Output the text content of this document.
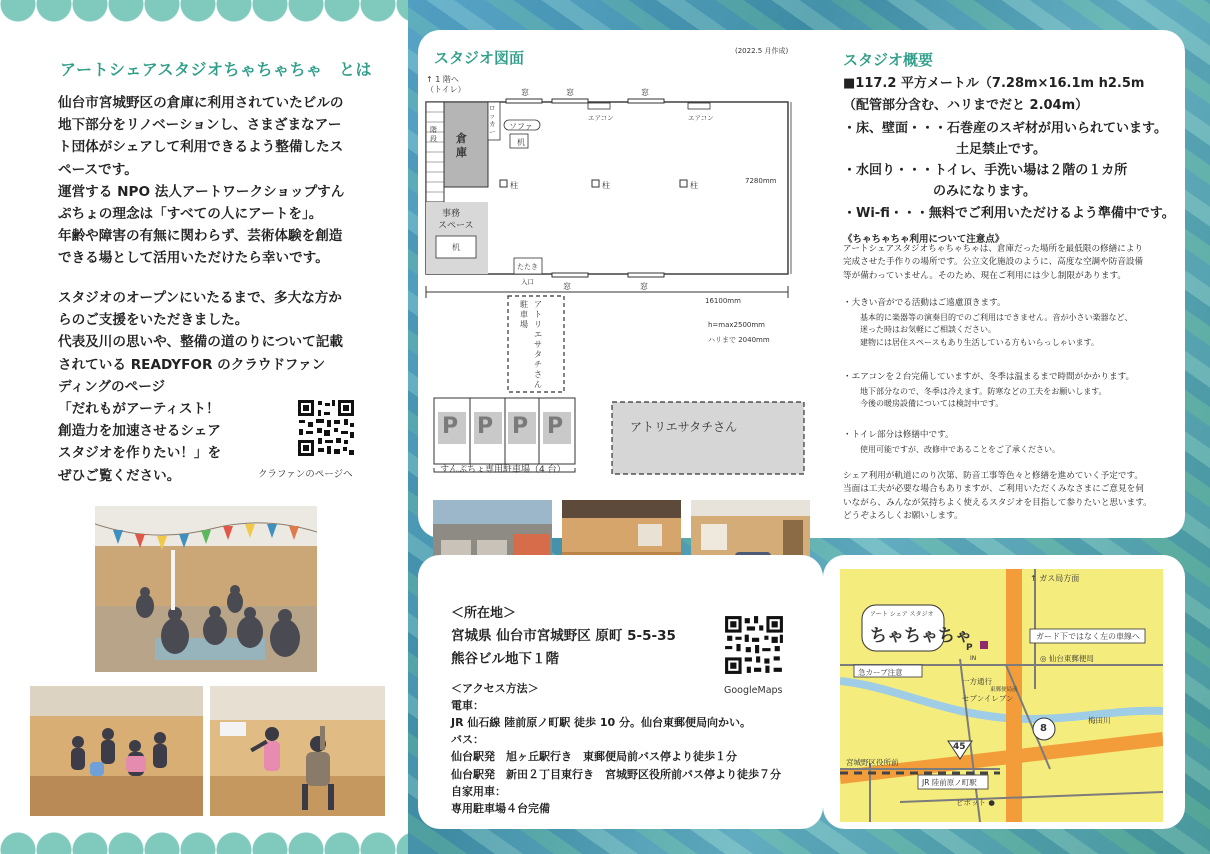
アートシェアスタジオちゃちゃちゃ　とは
仙台市宮城野区の倉庫に利用されていたビルの
地下部分をリノベーションし、さまざまなアー
ト団体がシェアして利用できるよう整備したス
ペースです。
運営する NPO 法人アートワークショップすん
ぷちょの理念は「すべての人にアートを」。
年齢や障害の有無に関わらず、芸術体験を創造
できる場として活用いただけたら幸いです。
スタジオのオープンにいたるまで、多大な方か
らのご支援をいただきました。
代表及川の思いや、整備の道のりについて記載
されている READYFOR のクラウドファン
ディングのページ
「だれもがアーティスト！
創造力を加速させるシェア
スタジオを作りたい！」を
ぜひご覧ください。	クラファンのページへ
スタジオ図面	(2022.5 月作成)
↑ 1 階へ
（トイレ）
階段 倉庫
ロッカー
ソファ
机
事務
スペース
机
窓	窓	窓
エアコン	エアコン
柱	柱	柱	7280mm
たたき
入口	窓	窓
16100mm
h=max2500mm
ハリまで 2040mm
駐車場
アトリエサタチさん
P P P P
すんぷちょ専用駐車場（4 台）
アトリエサタチさん
スタジオ概要
■117.2 平方メートル（7.28m×16.1m h2.5m
（配管部分含む、ハリまでだと 2.04m）
・床、壁面・・・石巻産のスギ材が用いられています。
土足禁止です。
・水回り・・・トイレ、手洗い場は２階の１カ所
のみになります。
・Wi-fi・・・無料でご利用いただけるよう準備中です。
《ちゃちゃちゃ利用について注意点》
アートシェアスタジオちゃちゃちゃは、倉庫だった場所を最低限の修繕により
完成させた手作りの場所です。公立文化施設のように、高度な空調や防音設備
等が備わっていません。そのため、現在ご利用には少し制限があります。
・大きい音がでる活動はご遠慮頂きます。
基本的に楽器等の演奏目的でのご利用はできません。音が小さい楽器など、
迷った時はお気軽にご相談ください。
建物には居住スペースもあり生活している方もいらっしゃいます。
・エアコンを２台完備していますが、冬季は温まるまで時間がかかります。
地下部分なので、冬季は冷えます。防寒などの工夫をお願いします。
今後の暖房設備については検討中です。
・トイレ部分は修繕中です。
使用可能ですが、改修中であることをご了承ください。
シェア利用が軌道にのり次第、防音工事等色々と修繕を進めていく予定です。
当面は工夫が必要な場合もありますが、ご利用いただくみなさまにご意見を伺
いながら、みんなが気持ちよく使えるスタジオを目指して参りたいと思います。
どうぞよろしくお願いします。
＜所在地＞
宮城県 仙台市宮城野区 原町 5-5-35
熊谷ビル地下１階
GoogleMaps
＜アクセス方法＞
電車：
JR 仙石線 陸前原ノ町駅 徒歩 10 分。仙台東郵便局向かい。
バス：
仙台駅発　旭ヶ丘駅行き　東郵便局前バス停より徒歩１分
仙台駅発　新田２丁目東行き　宮城野区役所前バス停より徒歩７分
自家用車：
専用駐車場４台完備
↑ ガス局方面
アート シェア スタジオ
ちゃちゃちゃ	ガード下ではなく左の車線へ
P
IN	◎ 仙台東郵便局
急カーブ注意
一方通行
東郵便局前
セブンイレブン
梅田川
8
45
宮城野区役所前
JR 陸前原ノ町駅
ビポット ●
